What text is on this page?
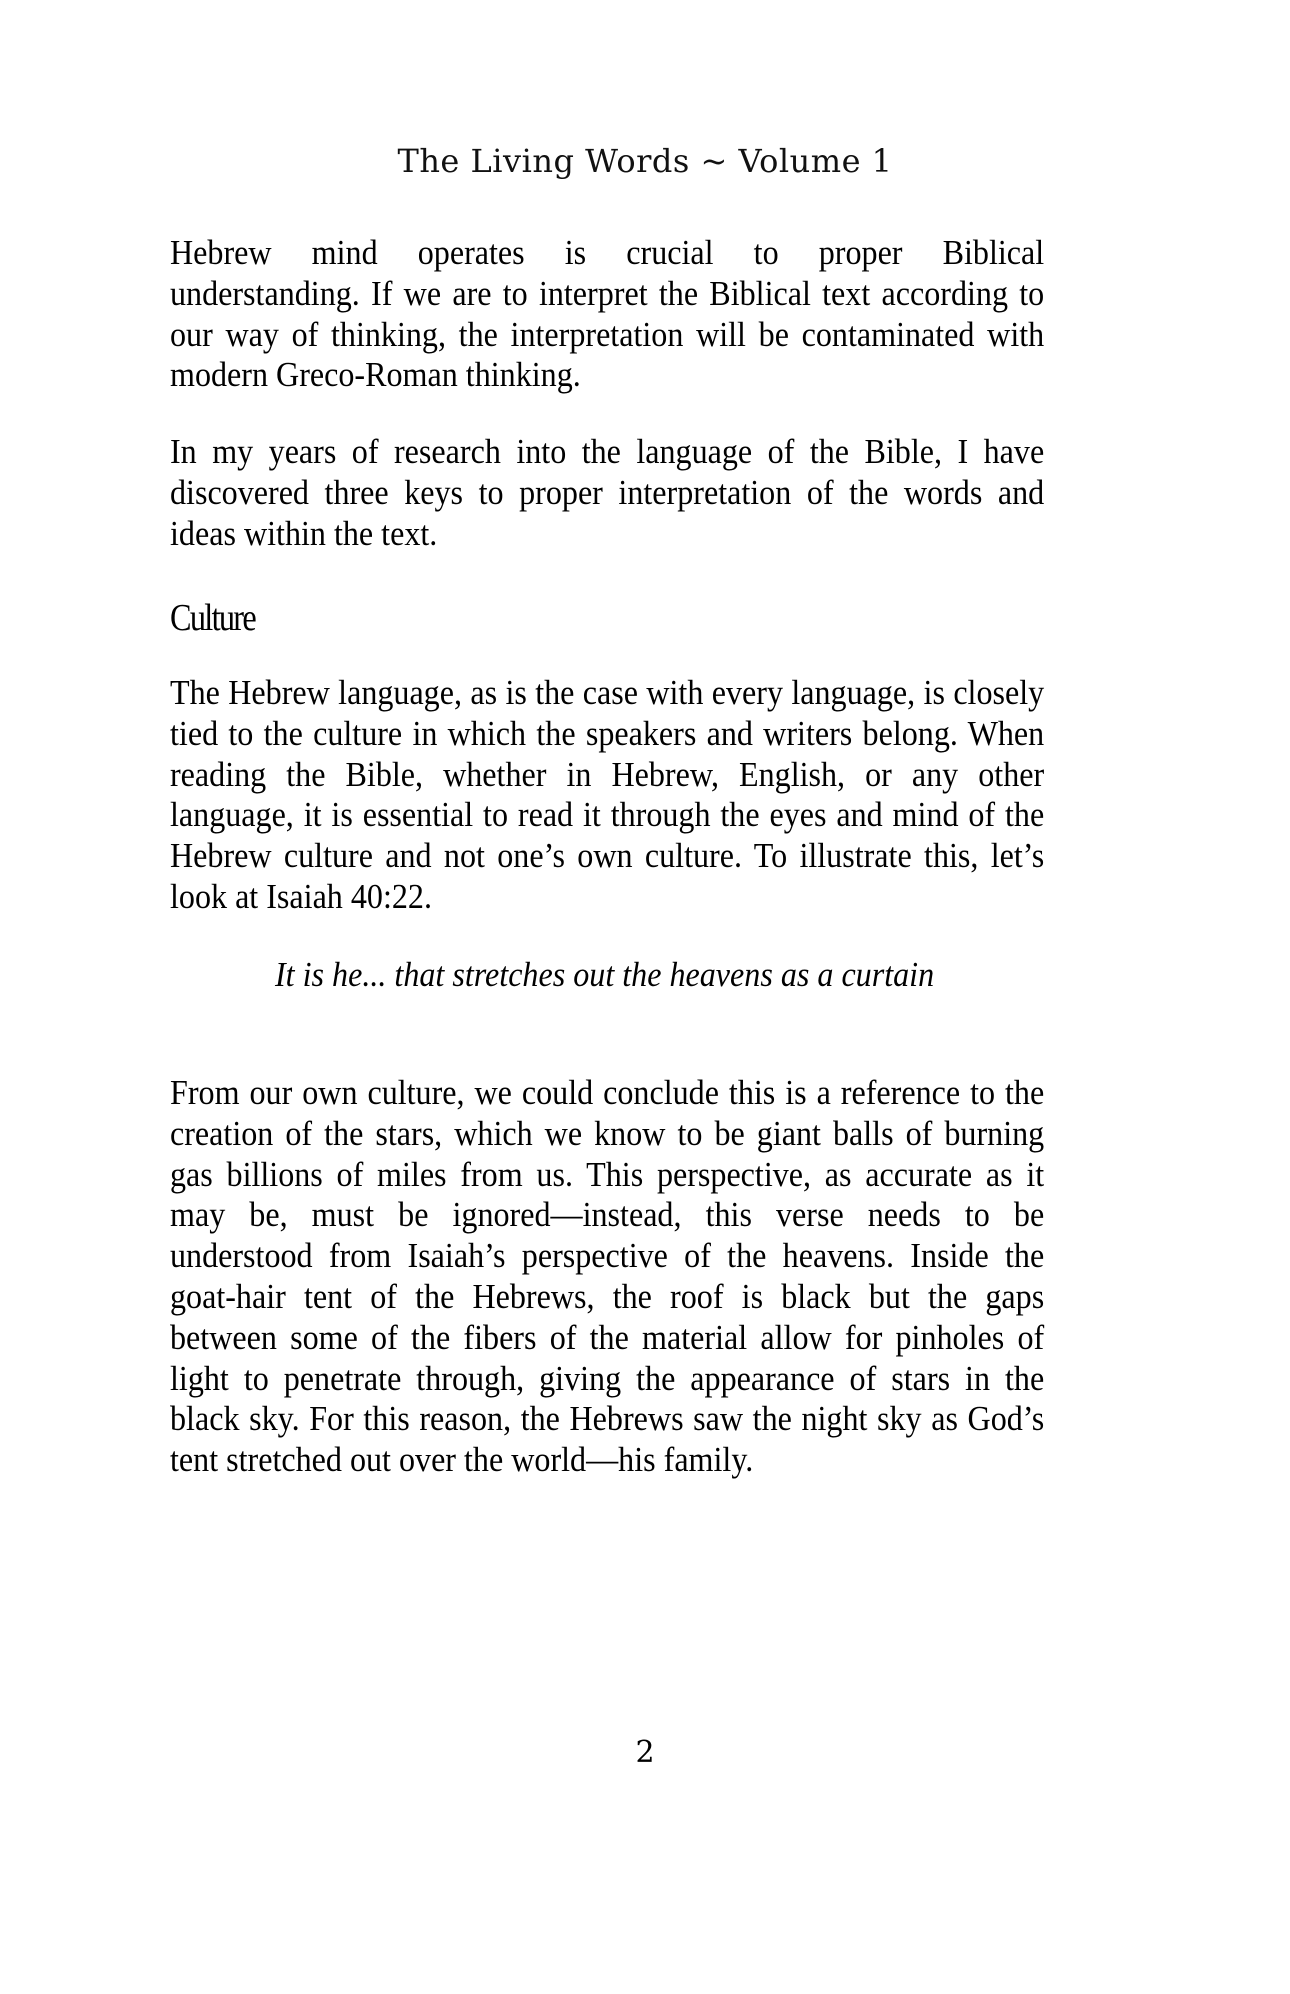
The Living Words ~ Volume 1

Hebrew mind operates is crucial to proper Biblical

understanding. If we are to interpret the Biblical text according to

our way of thinking, the interpretation will be contaminated with

modern Greco-Roman thinking.

In my years of research into the language of the Bible, I have discovered three keys to proper interpretation of the words and ideas within the text.

Culture

The Hebrew language, as is the case with every language, is closely tied to the culture in which the speakers and writers belong. When reading the Bible, whether in Hebrew, English, or any other language, it is essential to read it through the eyes and mind of the Hebrew culture and not one’s own culture. To illustrate this, let’s look at Isaiah 40:22.

It is he... that stretches out the heavens as a curtain

From our own culture, we could conclude this is a reference to the creation of the stars, which we know to be giant balls of burning gas billions of miles from us. This perspective, as accurate as it may be, must be ignored—instead, this verse needs to be understood from Isaiah’s perspective of the heavens. Inside the goat-hair tent of the Hebrews, the roof is black but the gaps between some of the fibers of the material allow for pinholes of light to penetrate through, giving the appearance of stars in the black sky. For this reason, the Hebrews saw the night sky as God’s tent stretched out over the world—his family.

2
